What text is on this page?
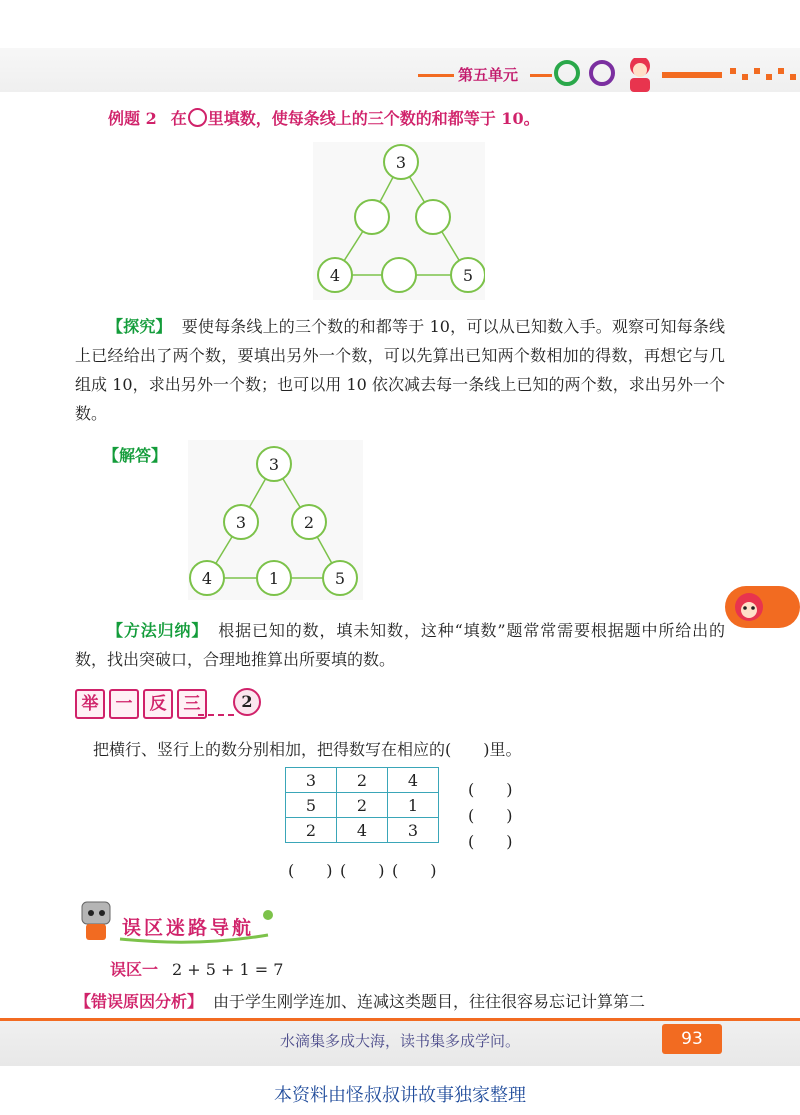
第五单元
例题 2 在 里填数，使每条线上的三个数的和都等于 10。
3
4	5
【探究】 要使每条线上的三个数的和都等于 10，可以从已知数入手。观察可知每条线上已经给出了两个数，要填出另外一个数，可以先算出已知两个数相加的得数，再想它与几组成 10，求出另外一个数；也可以用 10 依次减去每一条线上已知的两个数，求出另外一个数。
【解答】	3
3	2
4	1	5
【方法归纳】 根据已知的数，填未知数，这种“填数”题常常需要根据题中所给出的数，找出突破口，合理地推算出所要填的数。
举 一 反 三	2
把横行、竖行上的数分别相加，把得数写在相应的(　　)里。
3	2	4
5	2	1
2	4	3
(　　)
(　　)
(　　)
(　　) (　　) (　　)
误区迷路导航
误区一 2 + 5 + 1 = 7
【错误原因分析】 由于学生刚学连加、连减这类题目，往往很容易忘记计算第二
水滴集多成大海，读书集多成学问。	93
本资料由怪叔叔讲故事独家整理
